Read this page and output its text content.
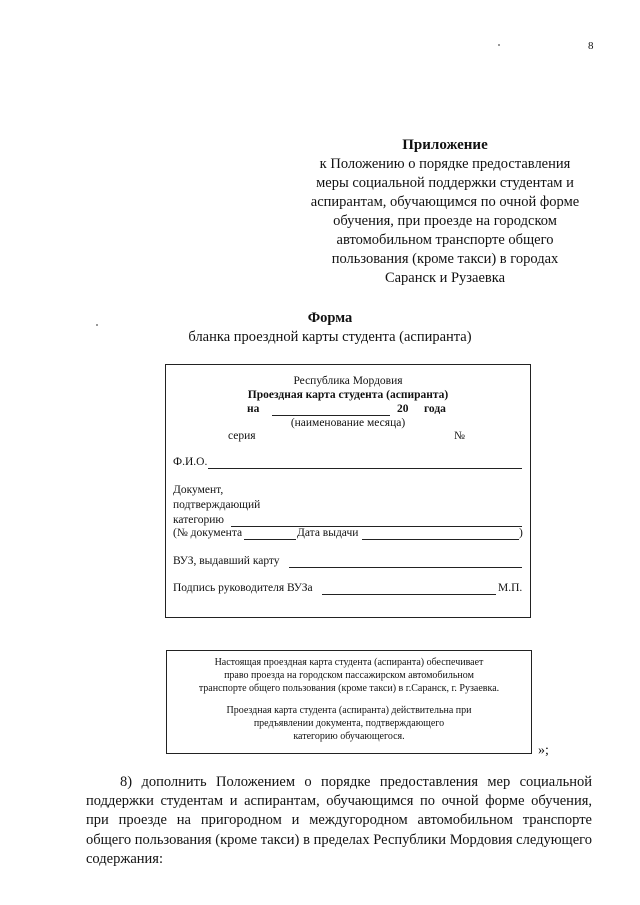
8
Приложение
к Положению о порядке предоставления
меры социальной поддержки студентам и
аспирантам, обучающимся по очной форме
обучения, при проезде на городском
автомобильном транспорте общего
пользования (кроме такси) в городах
Саранск и Рузаевка
Форма
бланка проездной карты студента (аспиранта)
Республика Мордовия
Проездная карта студента (аспиранта)
на	20 года
(наименование месяца)
серия	№
Ф.И.О.
Документ,
подтверждающий
категорию
(№ документа	Дата выдачи	)
ВУЗ, выдавший карту
Подпись руководителя ВУЗа	М.П.
Настоящая проездная карта студента (аспиранта) обеспечивает
право проезда на городском пассажирском автомобильном
транспорте общего пользования (кроме такси) в г.Саранск, г. Рузаевка.
Проездная карта студента (аспиранта) действительна при
предъявлении документа, подтверждающего
категорию обучающегося.
»;
8) дополнить Положением о порядке предоставления мер социальной поддержки студентам и аспирантам, обучающимся по очной форме обучения, при проезде на пригородном и междугородном автомобильном транспорте общего пользования (кроме такси) в пределах Республики Мордовия следующего содержания:
